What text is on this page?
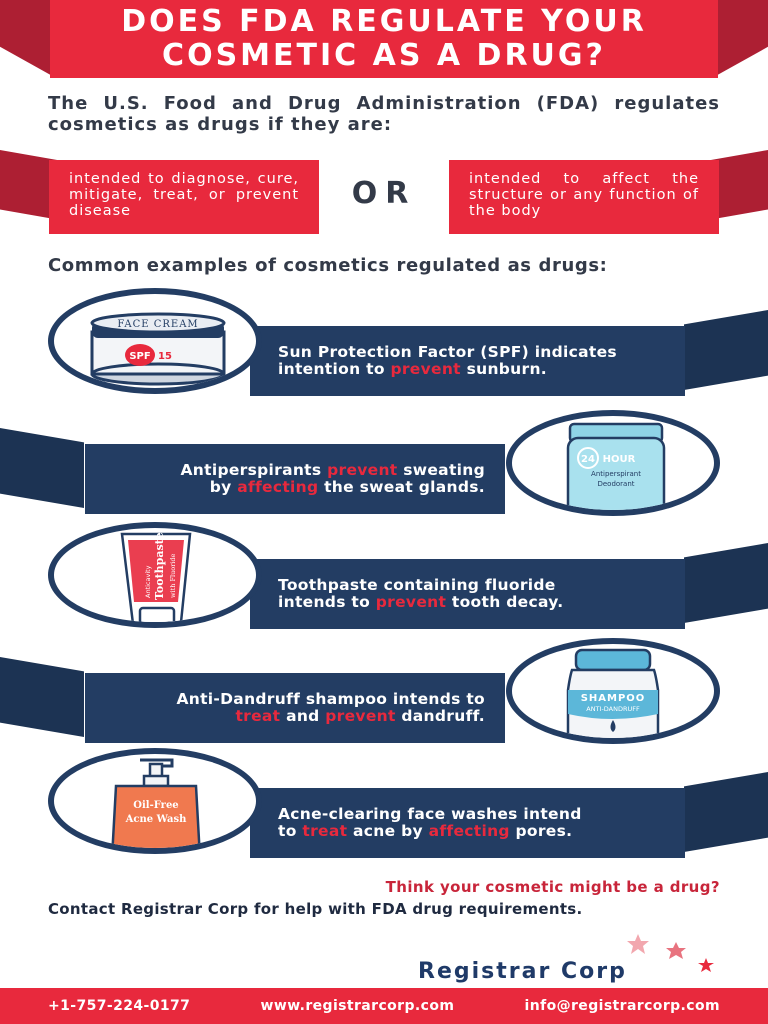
DOES FDA REGULATE YOUR
COSMETIC AS A DRUG?

The U.S. Food and Drug Administration (FDA) regulates cosmetics as drugs if they are:

intended to diagnose, cure, mitigate, treat, or prevent disease	OR	intended to affect the structure or any function of the body
Common examples of cosmetics regulated as drugs:
Sun Protection Factor (SPF) indicates
intention to prevent sunburn.
FACE CREAM
SPF 15
Antiperspirants prevent sweating
by affecting the sweat glands.
24 HOUR
Antiperspirant
Deodorant
Toothpaste containing fluoride
intends to prevent tooth decay.
Anticavity Toothpaste with Fluoride
Anti-Dandruff shampoo intends to
treat and prevent dandruff.
SHAMPOO
ANTI-DANDRUFF
Acne-clearing face washes intend
to treat acne by affecting pores.
Oil-Free
Acne Wash
Think your cosmetic might be a drug?
Contact Registrar Corp for help with FDA drug requirements.
Registrar Corp
+1-757-224-0177	www.registrarcorp.com	info@registrarcorp.com
